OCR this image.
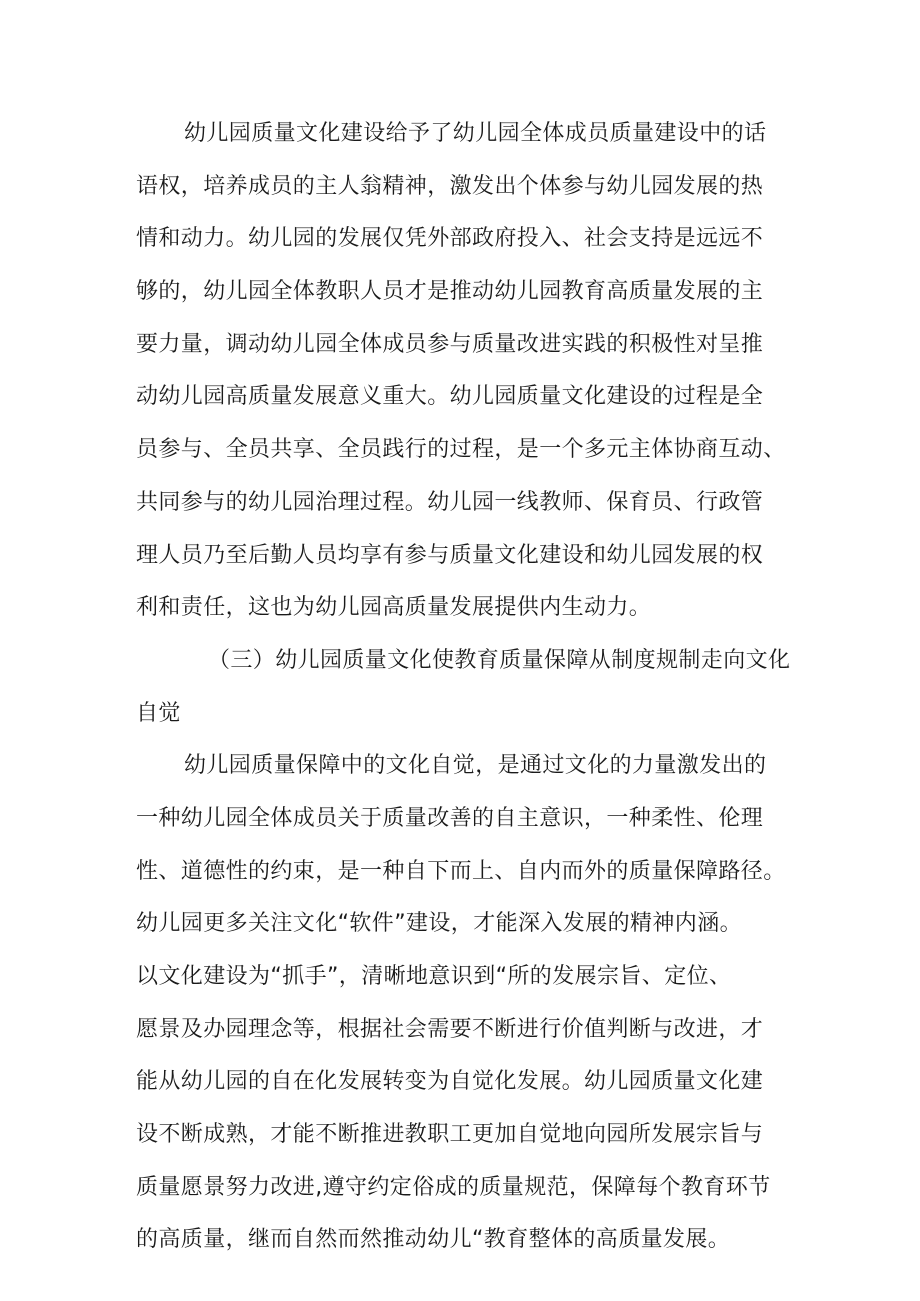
幼儿园质量文化建设给予了幼儿园全体成员质量建设中的话
语权，培养成员的主人翁精神，激发出个体参与幼儿园发展的热
情和动力。幼儿园的发展仅凭外部政府投入、社会支持是远远不
够的，幼儿园全体教职人员才是推动幼儿园教育高质量发展的主
要力量，调动幼儿园全体成员参与质量改进实践的积极性对呈推
动幼儿园高质量发展意义重大。幼儿园质量文化建设的过程是全
员参与、全员共享、全员践行的过程，是一个多元主体协商互动、
共同参与的幼儿园治理过程。幼儿园一线教师、保育员、行政管
理人员乃至后勤人员均享有参与质量文化建设和幼儿园发展的权
利和责任，这也为幼儿园高质量发展提供内生动力。
（三）幼儿园质量文化使教育质量保障从制度规制走向文化
自觉
幼儿园质量保障中的文化自觉，是通过文化的力量激发出的
一种幼儿园全体成员关于质量改善的自主意识，一种柔性、伦理
性、道德性的约束，是一种自下而上、自内而外的质量保障路径。
幼儿园更多关注文化“软件”建设，才能深入发展的精神内涵。
以文化建设为“抓手”，清晰地意识到“所的发展宗旨、定位、
愿景及办园理念等，根据社会需要不断进行价值判断与改进，才
能从幼儿园的自在化发展转变为自觉化发展。幼儿园质量文化建
设不断成熟，才能不断推进教职工更加自觉地向园所发展宗旨与
质量愿景努力改进,遵守约定俗成的质量规范，保障每个教育环节
的高质量，继而自然而然推动幼儿“教育整体的高质量发展。
